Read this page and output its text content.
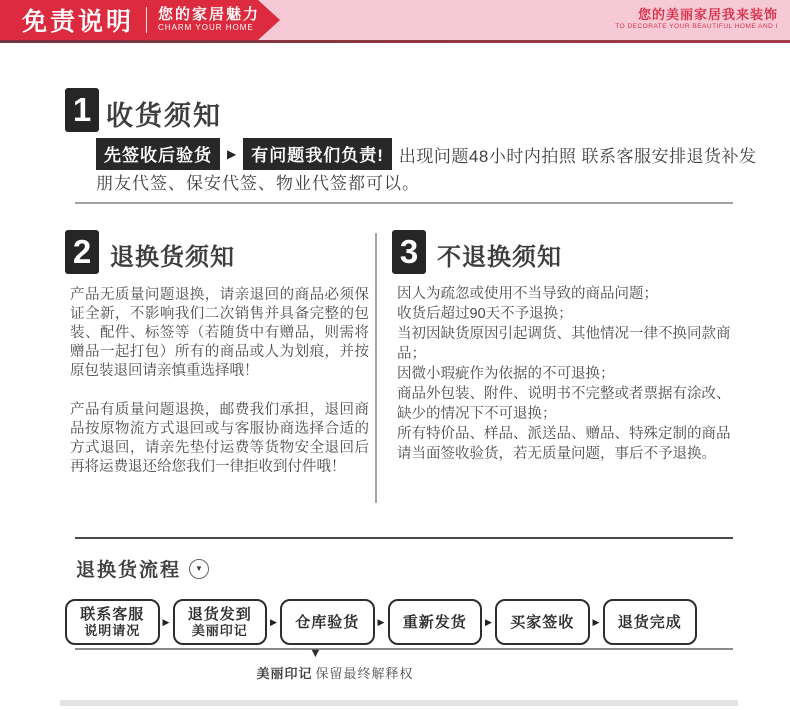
免责说明 您的家居魅力
CHARM YOUR HOME
您的美丽家居我来装饰
TO DECORATE YOUR BEAUTIFUL HOME AND I
1 收货须知
先签收后验货	▶ 有问题我们负责! 出现问题48小时内拍照 联系客服安排退货补发
朋友代签、保安代签、物业代签都可以。
2 退换货须知
产品无质量问题退换，请亲退回的商品必须保证全新，不影响我们二次销售并具备完整的包装、配件、标签等（若随货中有赠品，则需将赠品一起打包）所有的商品或人为划痕，并按原包装退回请亲慎重选择哦！
产品有质量问题退换，邮费我们承担，退回商品按原物流方式退回或与客服协商选择合适的方式退回，请亲先垫付运费等货物安全退回后再将运费退还给您我们一律拒收到付件哦！
3 不退换须知
因人为疏忽或使用不当导致的商品问题；
收货后超过90天不予退换；
当初因缺货原因引起调货、其他情况一律不换同款商品；
因微小瑕疵作为依据的不可退换；
商品外包装、附件、说明书不完整或者票据有涂改、缺少的情况下不可退换；
所有特价品、样品、派送品、赠品、特殊定制的商品请当面签收验货，若无质量问题，事后不予退换。
退换货流程 ▼
联系客服
说明请况
▶ 退货发到
美丽印记
▶ 仓库验货	▶ 重新发货	▶ 买家签收	▶ 退货完成
▼
美丽印记 保留最终解释权
